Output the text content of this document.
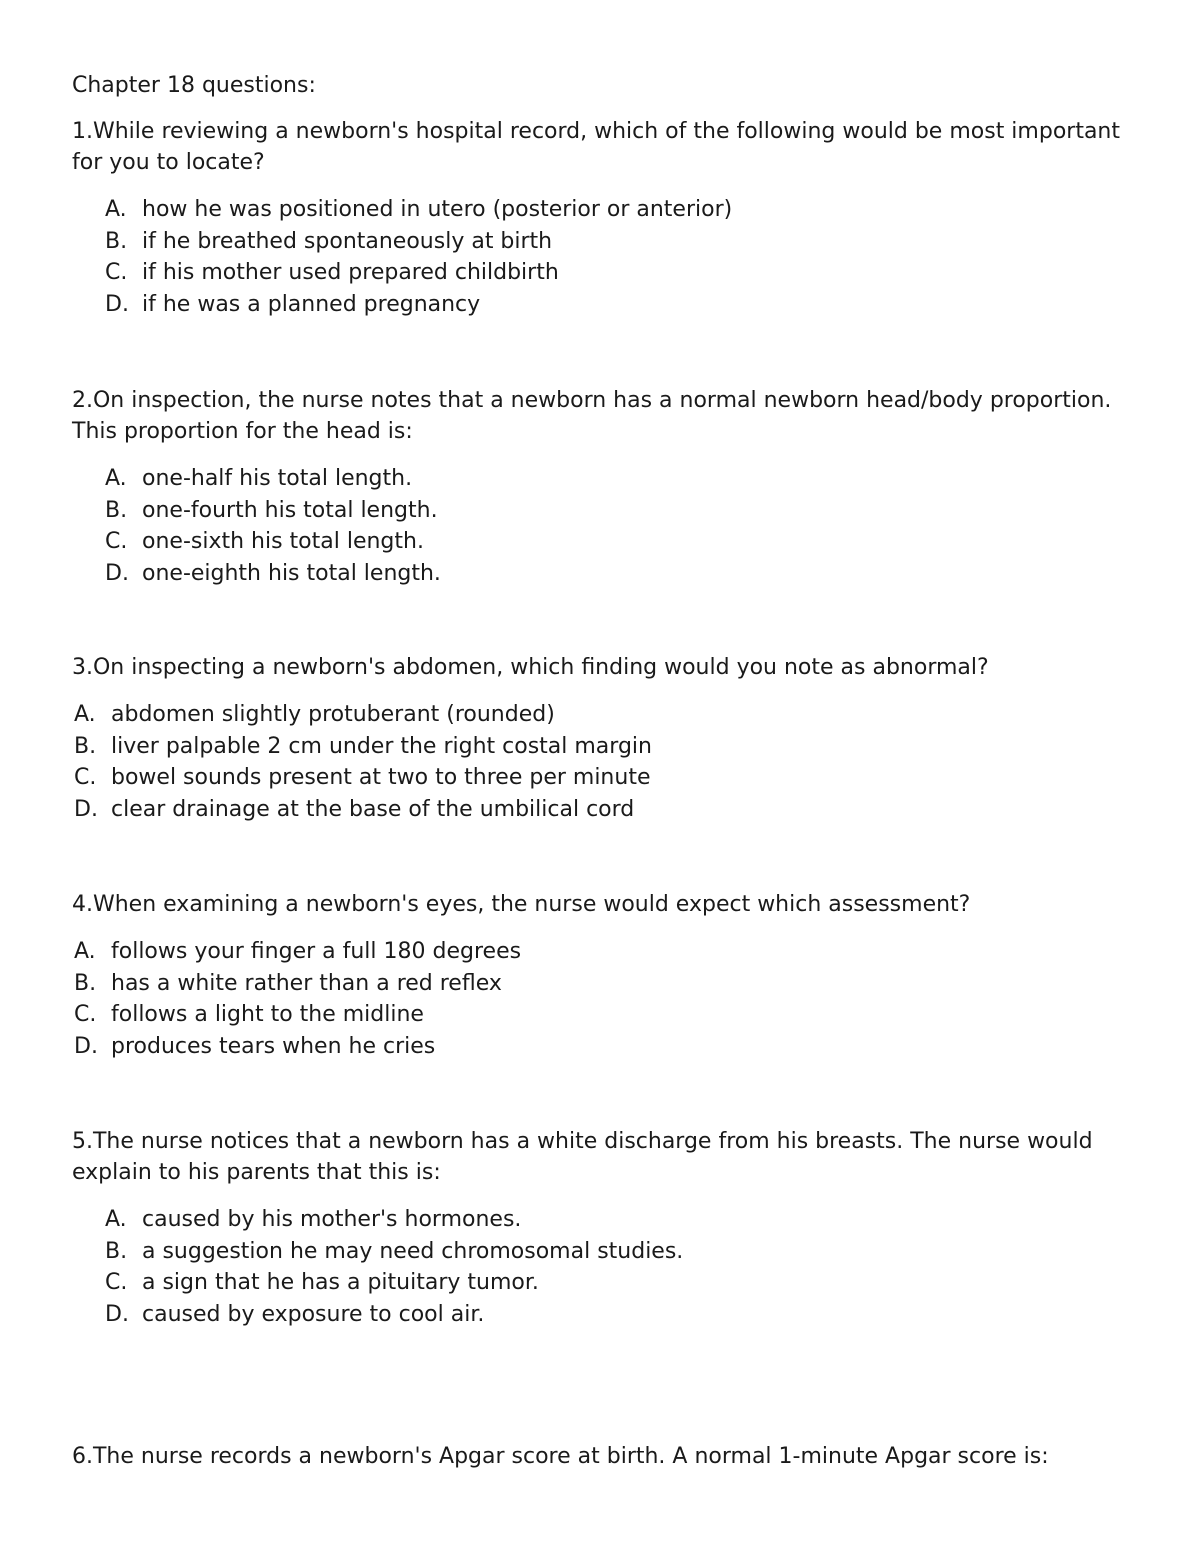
Chapter 18 questions:

1.While reviewing a newborn's hospital record, which of the following would be most important for you to locate?

A. how he was positioned in utero (posterior or anterior)
B. if he breathed spontaneously at birth
C. if his mother used prepared childbirth
D. if he was a planned pregnancy

2.On inspection, the nurse notes that a newborn has a normal newborn head/body proportion. This proportion for the head is:

A. one-half his total length.
B. one-fourth his total length.
C. one-sixth his total length.
D. one-eighth his total length.

3.On inspecting a newborn's abdomen, which finding would you note as abnormal?

A. abdomen slightly protuberant (rounded)
B. liver palpable 2 cm under the right costal margin
C. bowel sounds present at two to three per minute
D. clear drainage at the base of the umbilical cord

4.When examining a newborn's eyes, the nurse would expect which assessment?

A. follows your finger a full 180 degrees
B. has a white rather than a red reflex
C. follows a light to the midline
D. produces tears when he cries

5.The nurse notices that a newborn has a white discharge from his breasts. The nurse would explain to his parents that this is:

A. caused by his mother's hormones.
B. a suggestion he may need chromosomal studies.
C. a sign that he has a pituitary tumor.
D. caused by exposure to cool air.

6.The nurse records a newborn's Apgar score at birth. A normal 1-minute Apgar score is:
